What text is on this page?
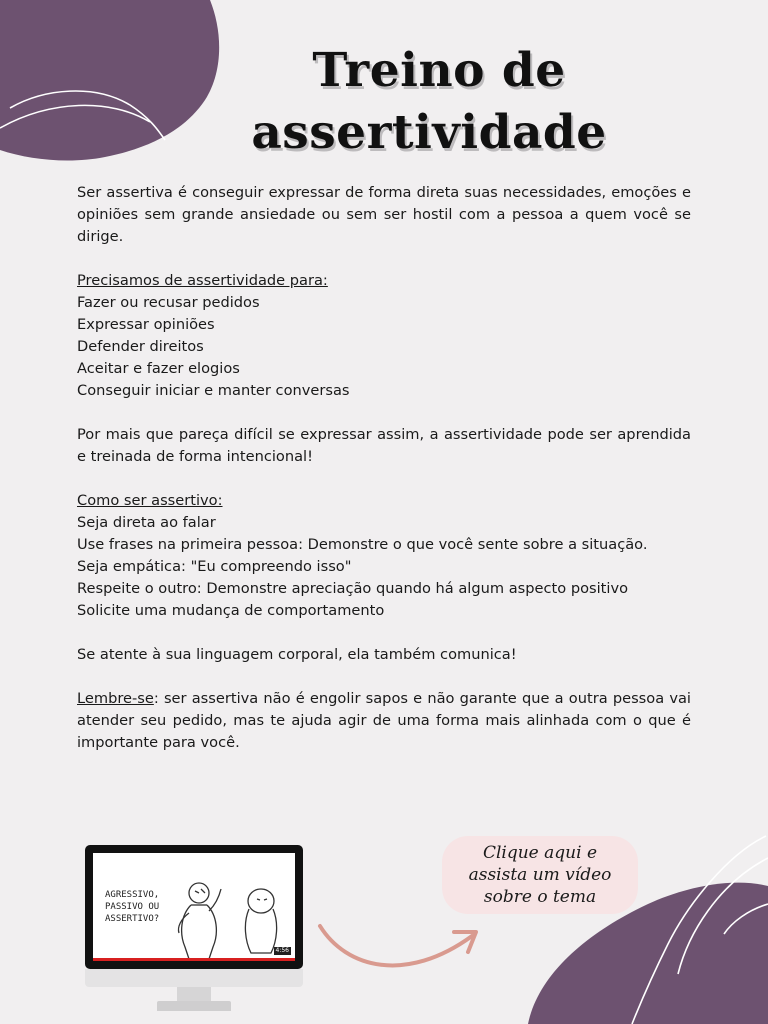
Treino de
assertividade

Ser assertiva é conseguir expressar de forma direta suas necessidades, emoções e opiniões sem grande ansiedade ou sem ser hostil com a pessoa a quem você se dirige.

Precisamos de assertividade para:
Fazer ou recusar pedidos
Expressar opiniões
Defender direitos
Aceitar e fazer elogios
Conseguir iniciar e manter conversas

Por mais que pareça difícil se expressar assim, a assertividade pode ser aprendida e treinada de forma intencional!

Como ser assertivo:
Seja direta ao falar
Use frases na primeira pessoa: Demonstre o que você sente sobre a situação.
Seja empática: "Eu compreendo isso"
Respeite o outro: Demonstre apreciação quando há algum aspecto positivo
Solicite uma mudança de comportamento

Se atente à sua linguagem corporal, ela também comunica!

Lembre-se: ser assertiva não é engolir sapos e não garante que a outra pessoa vai atender seu pedido, mas te ajuda agir de uma forma mais alinhada com o que é importante para você.

AGRESSIVO,
PASSIVO OU
ASSERTIVO?
4:56
Clique aqui e
assista um vídeo
sobre o tema
